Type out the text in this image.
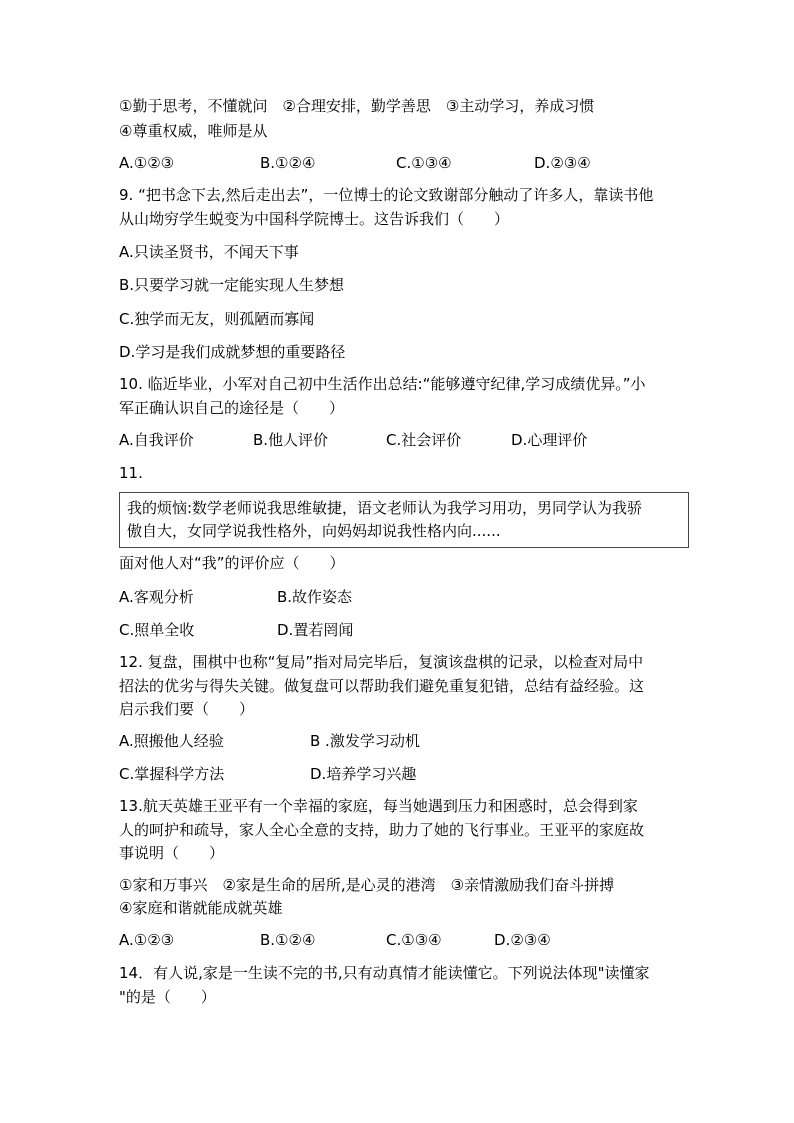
①勤于思考，不懂就问　②合理安排，勤学善思　③主动学习，养成习惯
④尊重权威，唯师是从
A.①②③	B.①②④	C.①③④	D.②③④
9. “把书念下去,然后走出去”，一位博士的论文致谢部分触动了许多人，靠读书他
从山坳穷学生蜕变为中国科学院博士。这告诉我们（　　）
A.只读圣贤书，不闻天下事
B.只要学习就一定能实现人生梦想
C.独学而无友，则孤陋而寡闻
D.学习是我们成就梦想的重要路径
10. 临近毕业，小军对自己初中生活作出总结:“能够遵守纪律,学习成绩优异。”小
军正确认识自己的途径是（　　）
A.自我评价	B.他人评价	C.社会评价	D.心理评价
11.
我的烦恼:数学老师说我思维敏捷，语文老师认为我学习用功，男同学认为我骄
傲自大，女同学说我性格外，向妈妈却说我性格内向......
面对他人对“我”的评价应（　　）
A.客观分析	B.故作姿态
C.照单全收	D.置若罔闻
12. 复盘，围棋中也称“复局”指对局完毕后，复演该盘棋的记录，以检查对局中
招法的优劣与得失关键。做复盘可以帮助我们避免重复犯错，总结有益经验。这
启示我们要（　　）
A.照搬他人经验	B .激发学习动机
C.掌握科学方法	D.培养学习兴趣
13.航天英雄王亚平有一个幸福的家庭，每当她遇到压力和困惑时，总会得到家
人的呵护和疏导，家人全心全意的支持，助力了她的飞行事业。王亚平的家庭故
事说明（　　）
①家和万事兴　②家是生命的居所,是心灵的港湾　③亲情激励我们奋斗拼搏
④家庭和谐就能成就英雄
A.①②③	B.①②④	C.①③④	D.②③④
14．有人说,家是一生读不完的书,只有动真情才能读懂它。下列说法体现"读懂家
"的是（　　）
